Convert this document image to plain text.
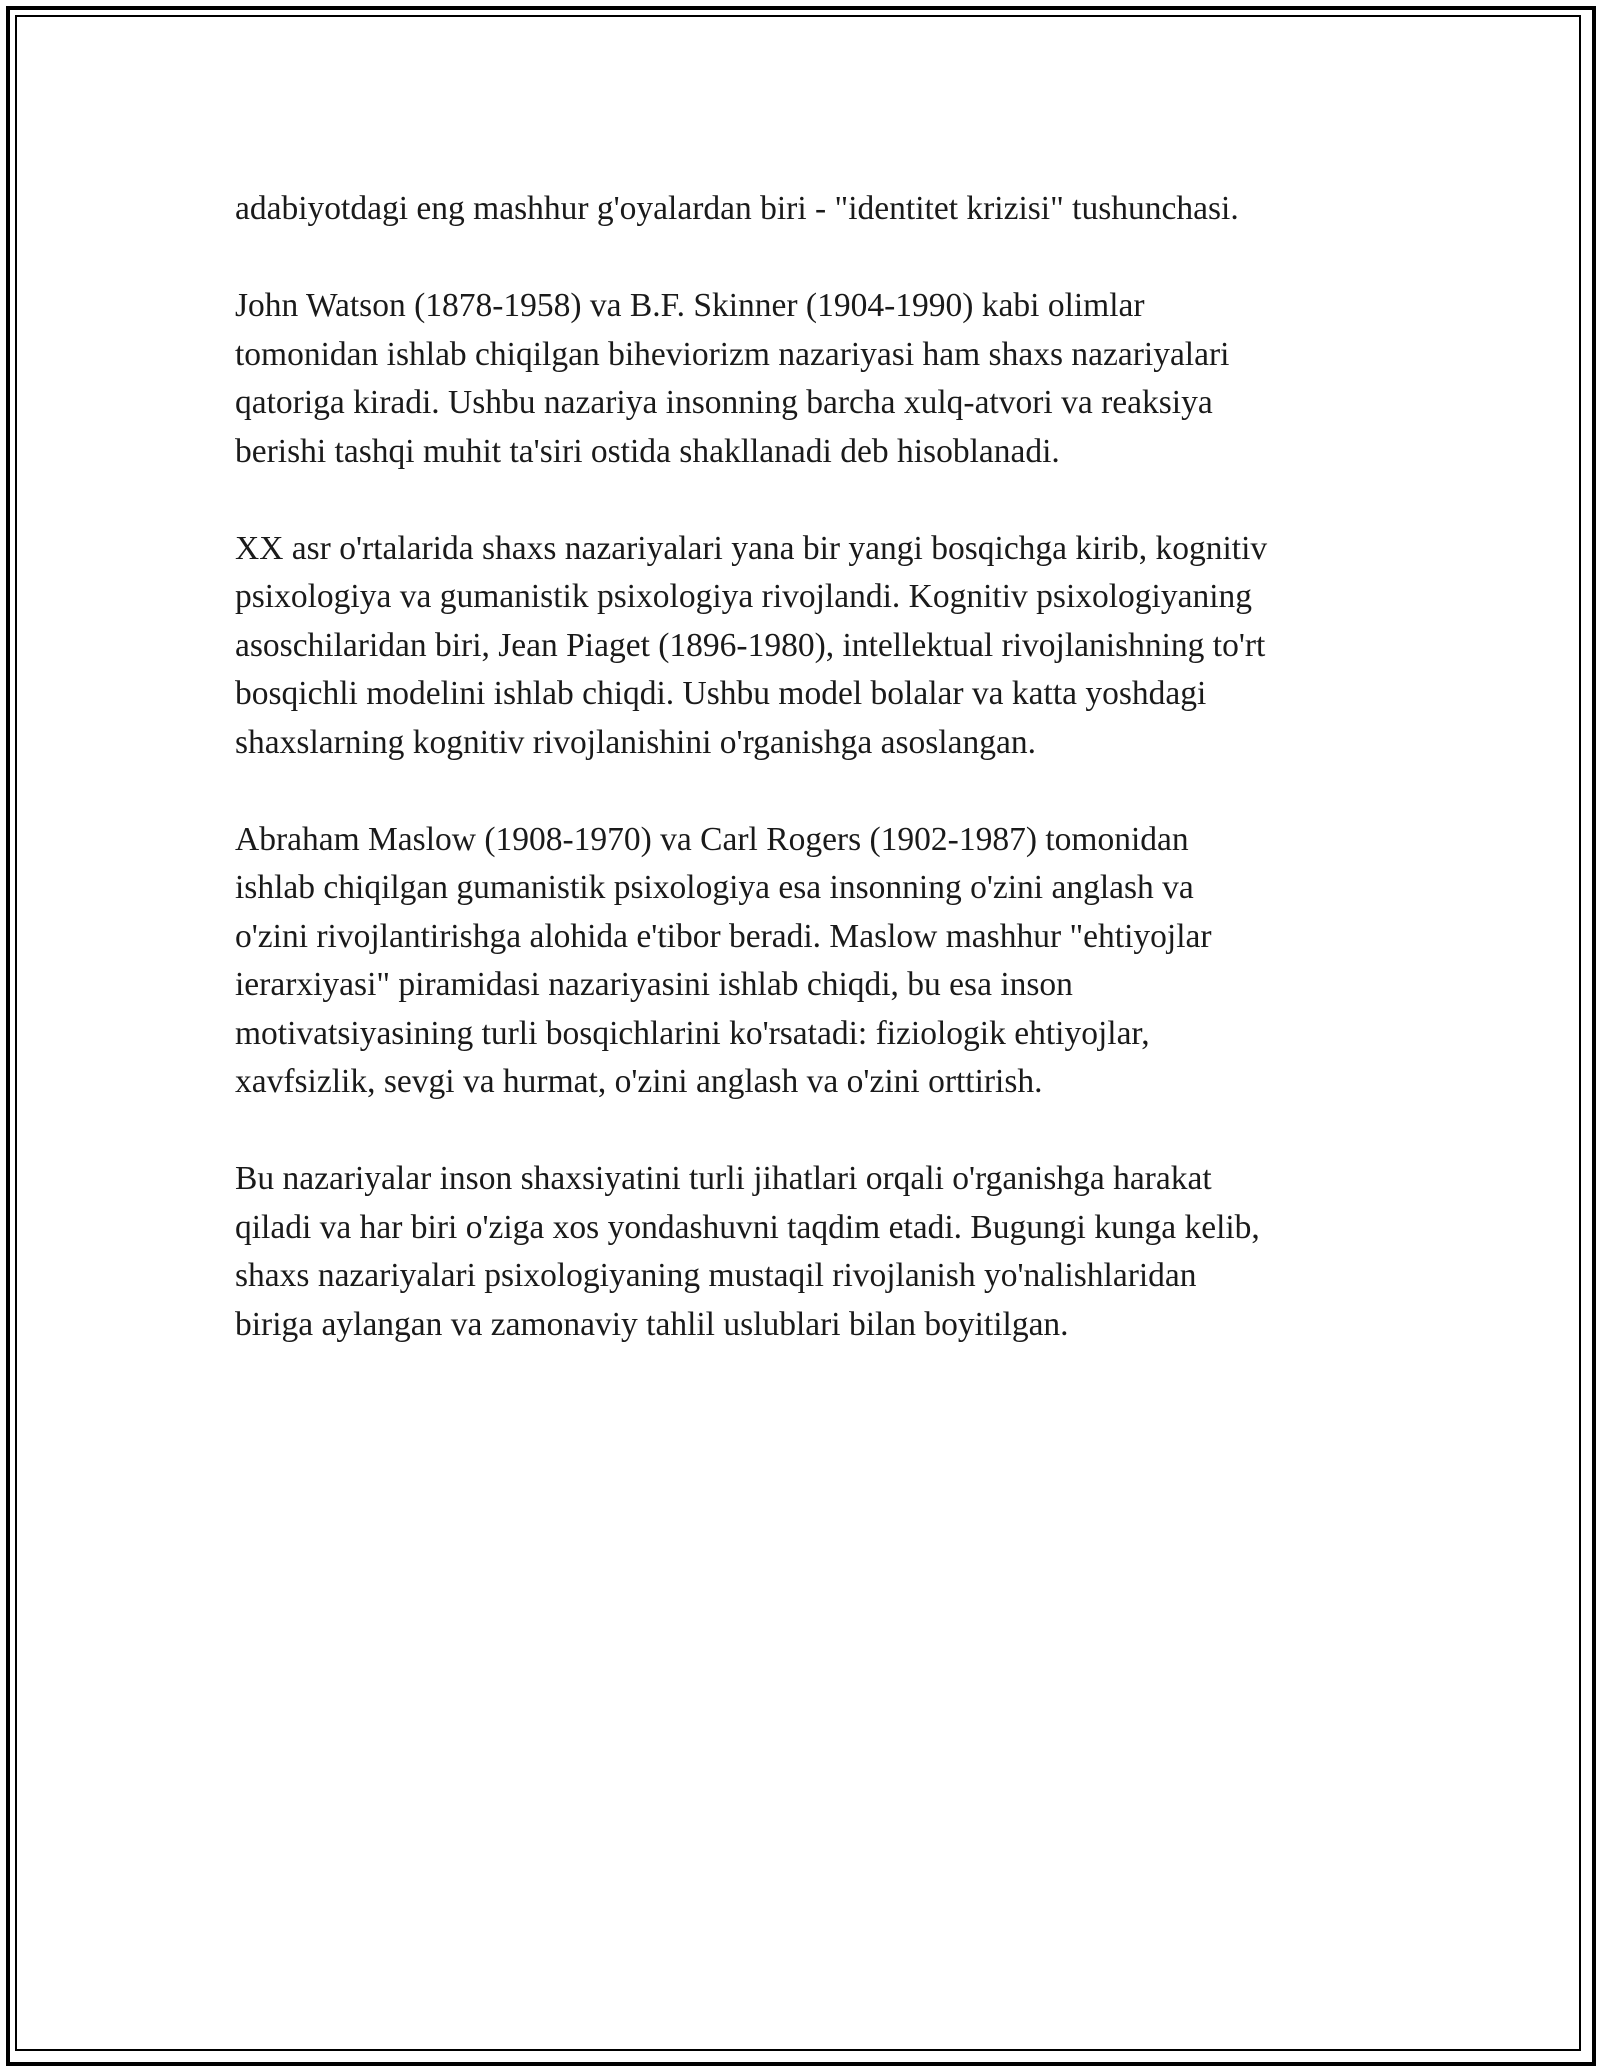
adabiyotdagi eng mashhur g'oyalardan biri - "identitet krizisi" tushunchasi.

John Watson (1878-1958) va B.F. Skinner (1904-1990) kabi olimlar
tomonidan ishlab chiqilgan biheviorizm nazariyasi ham shaxs nazariyalari
qatoriga kiradi. Ushbu nazariya insonning barcha xulq-atvori va reaksiya
berishi tashqi muhit ta'siri ostida shakllanadi deb hisoblanadi.

XX asr o'rtalarida shaxs nazariyalari yana bir yangi bosqichga kirib, kognitiv
psixologiya va gumanistik psixologiya rivojlandi. Kognitiv psixologiyaning
asoschilaridan biri, Jean Piaget (1896-1980), intellektual rivojlanishning to'rt
bosqichli modelini ishlab chiqdi. Ushbu model bolalar va katta yoshdagi
shaxslarning kognitiv rivojlanishini o'rganishga asoslangan.

Abraham Maslow (1908-1970) va Carl Rogers (1902-1987) tomonidan
ishlab chiqilgan gumanistik psixologiya esa insonning o'zini anglash va
o'zini rivojlantirishga alohida e'tibor beradi. Maslow mashhur "ehtiyojlar
ierarxiyasi" piramidasi nazariyasini ishlab chiqdi, bu esa inson
motivatsiyasining turli bosqichlarini ko'rsatadi: fiziologik ehtiyojlar,
xavfsizlik, sevgi va hurmat, o'zini anglash va o'zini orttirish.

Bu nazariyalar inson shaxsiyatini turli jihatlari orqali o'rganishga harakat
qiladi va har biri o'ziga xos yondashuvni taqdim etadi. Bugungi kunga kelib,
shaxs nazariyalari psixologiyaning mustaqil rivojlanish yo'nalishlaridan
biriga aylangan va zamonaviy tahlil uslublari bilan boyitilgan.
